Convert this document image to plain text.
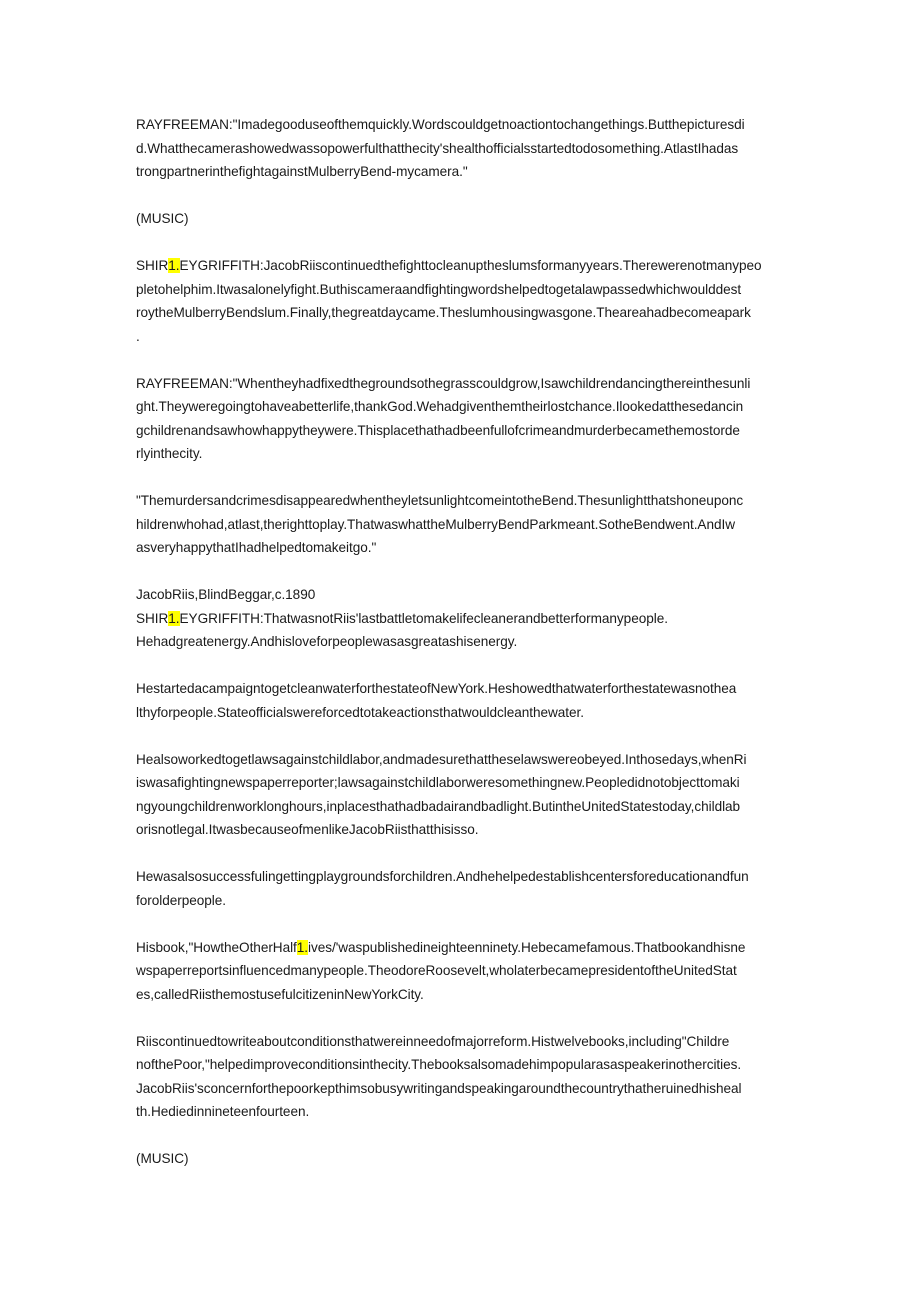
RAYFREEMAN:"Imadegooduseofthemquickly.Wordscouldgetnoactiontochangethings.Butthepicturesdi
d.Whatthecamerashowedwassopowerfulthatthecity'shealthofficialsstartedtodosomething.AtlastIhadas
trongpartnerinthefightagainstMulberryBend-mycamera."

(MUSIC)

SHIR1.EYGRIFFITH:JacobRiiscontinuedthefighttocleanuptheslumsformanyyears.Therewerenotmanypeo
pletohelphim.Itwasalonelyfight.Buthiscameraandfightingwordshelpedtogetalawpassedwhichwoulddest
roytheMulberryBendslum.Finally,thegreatdaycame.Theslumhousingwasgone.Theareahadbecomeapark
.

RAYFREEMAN:"Whentheyhadfixedthegroundsothegrasscouldgrow,Isawchildrendancingthereinthesunli
ght.Theyweregoingtohaveabetterlife,thankGod.Wehadgiventhemtheirlostchance.Ilookedatthesedancin
gchildrenandsawhowhappytheywere.Thisplacethathadbeenfullofcrimeandmurderbecamethemostorde
rlyinthecity.

"ThemurdersandcrimesdisappearedwhentheyletsunlightcomeintotheBend.Thesunlightthatshoneuponc
hildrenwhohad,atlast,therighttoplay.ThatwaswhattheMulberryBendParkmeant.SotheBendwent.AndIw
asveryhappythatIhadhelpedtomakeitgo."

JacobRiis,BlindBeggar,c.1890

SHIR1.EYGRIFFITH:ThatwasnotRiis'lastbattletomakelifecleanerandbetterformanypeople.
Hehadgreatenergy.Andhisloveforpeoplewasasgreatashisenergy.

HestartedacampaigntogetcleanwaterforthestateofNewYork.Heshowedthatwaterforthestatewasnothea
lthyforpeople.Stateofficialswereforcedtotakeactionsthatwouldcleanthewater.

Healsoworkedtogetlawsagainstchildlabor,andmadesurethattheselawswereobeyed.Inthosedays,whenRi
iswasafightingnewspaperreporter;lawsagainstchildlaborweresomethingnew.Peopledidnotobjecttomaki
ngyoungchildrenworklonghours,inplacesthathadbadairandbadlight.ButintheUnitedStatestoday,childlab
orisnotlegal.ItwasbecauseofmenlikeJacobRiisthatthisisso.

Hewasalsosuccessfulingettingplaygroundsforchildren.Andhehelpedestablishcentersforeducationandfun
forolderpeople.

Hisbook,"HowtheOtherHalf1.ives/'waspublishedineighteenninety.Hebecamefamous.Thatbookandhisne
wspaperreportsinfluencedmanypeople.TheodoreRoosevelt,wholaterbecamepresidentoftheUnitedStat
es,calledRiisthemostusefulcitizeninNewYorkCity.

Riiscontinuedtowriteaboutconditionsthatwereinneedofmajorreform.Histwelvebooks,including"Childre
nofthePoor,"helpedimproveconditionsinthecity.Thebooksalsomadehimpopularasaspeakerinothercities.
JacobRiis'sconcernforthepoorkepthimsobusywritingandspeakingaroundthecountrythatheruinedhisheal
th.Hediedinnineteenfourteen.

(MUSIC)
